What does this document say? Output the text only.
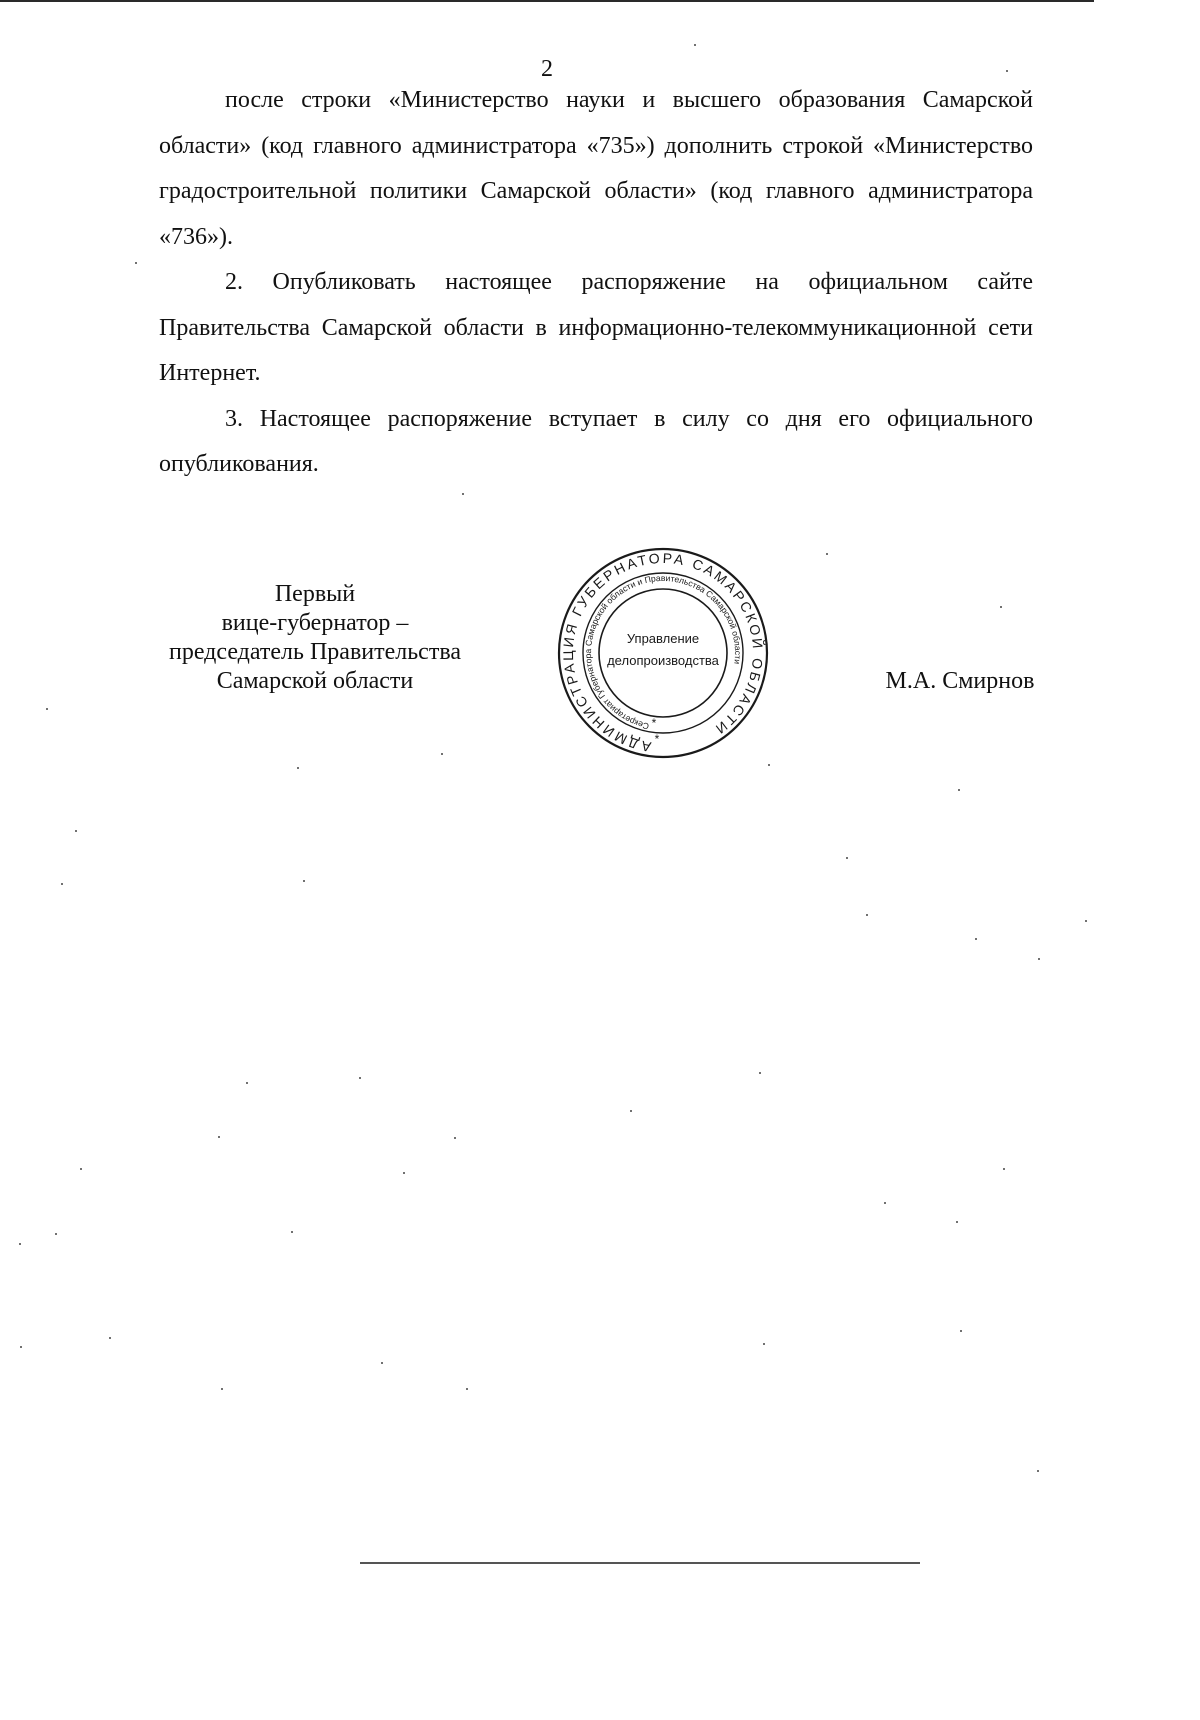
2

после строки «Министерство науки и высшего образования Самарской области» (код главного администратора «735») дополнить строкой «Министерство градостроительной политики Самарской области» (код главного администратора «736»).

2. Опубликовать настоящее распоряжение на официальном сайте Правительства Самарской области в информационно-телекоммуникационной сети Интернет.

3. Настоящее распоряжение вступает в силу со дня его официального опубликования.

Первый
вице-губернатор –
председатель Правительства
Самарской области
АДМИНИСТРАЦИЯ ГУБЕРНАТОРА САМАРСКОЙ ОБЛАСТИ
Секретариат Губернатора Самарской области и Правительства Самарской области
Управление
делопроизводства
*
*
М.А. Смирнов
